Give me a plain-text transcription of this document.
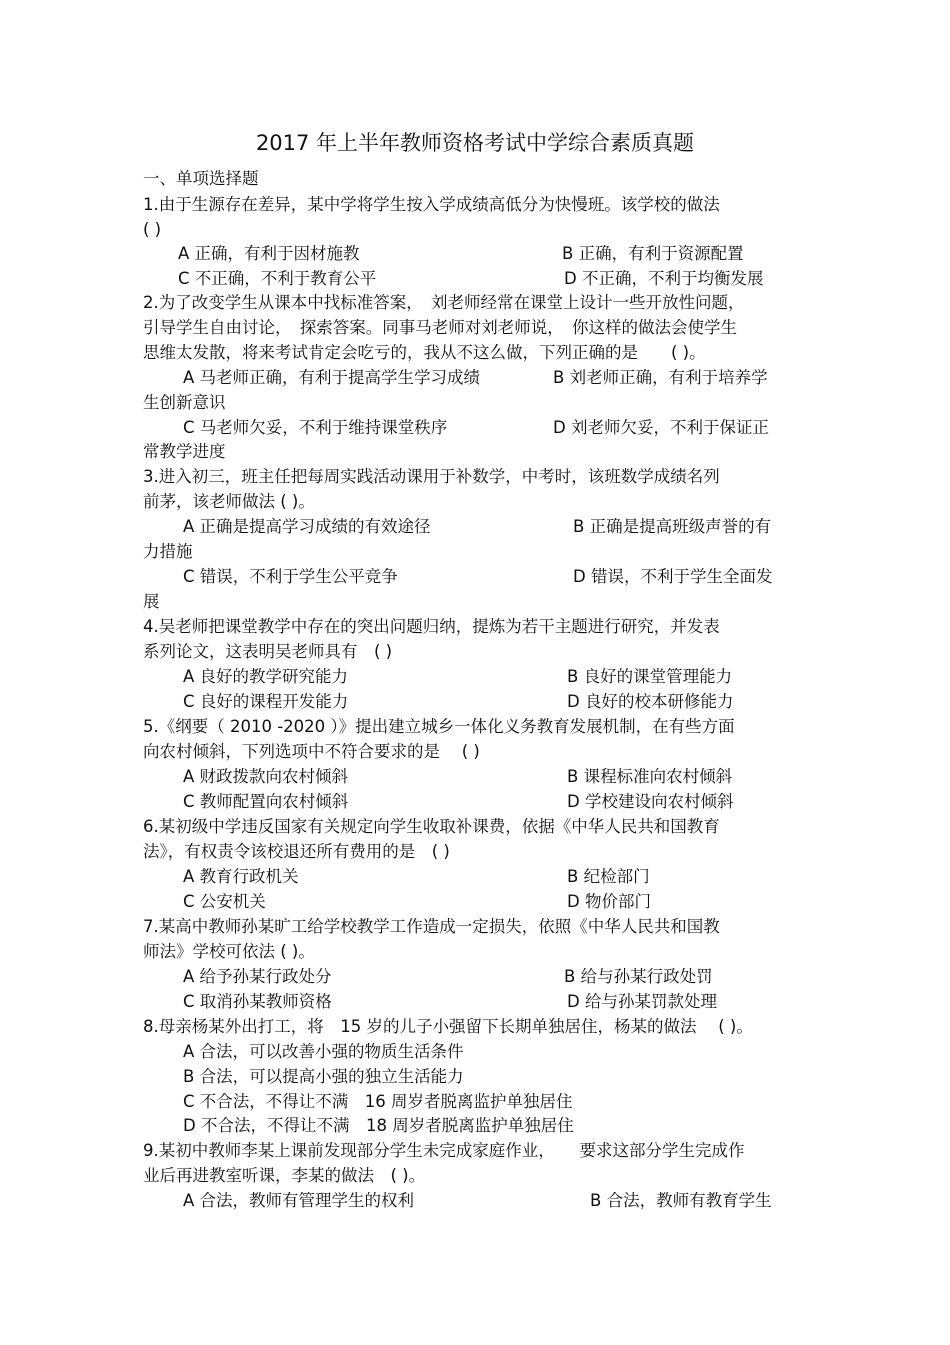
2017 年上半年教师资格考试中学综合素质真题
一、单项选择题
1.由于生源存在差异，某中学将学生按入学成绩高低分为快慢班。该学校的做法
( )
A 正确，有利于因材施教	B 正确，有利于资源配置
C 不正确，不利于教育公平	D 不正确，不利于均衡发展
2.为了改变学生从课本中找标准答案，　刘老师经常在课堂上设计一些开放性问题，
引导学生自由讨论，　探索答案。同事马老师对刘老师说，　你这样的做法会使学生
思维太发散，将来考试肯定会吃亏的，我从不这么做，下列正确的是　　( )。
A 马老师正确，有利于提高学生学习成绩	B 刘老师正确，有利于培养学
生创新意识
C 马老师欠妥，不利于维持课堂秩序	D 刘老师欠妥，不利于保证正
常教学进度
3.进入初三，班主任把每周实践活动课用于补数学，中考时，该班数学成绩名列
前茅，该老师做法 ( )。
A 正确是提高学习成绩的有效途径	B 正确是提高班级声誉的有
力措施
C 错误，不利于学生公平竞争	D 错误，不利于学生全面发
展
4.吴老师把课堂教学中存在的突出问题归纳，提炼为若干主题进行研究，并发表
系列论文，这表明吴老师具有　( )
A 良好的教学研究能力	B 良好的课堂管理能力
C 良好的课程开发能力	D 良好的校本研修能力
5.《纲要（ 2010 -2020 ）》提出建立城乡一体化义务教育发展机制，在有些方面
向农村倾斜，下列选项中不符合要求的是　 ( )
A 财政拨款向农村倾斜	B 课程标准向农村倾斜
C 教师配置向农村倾斜	D 学校建设向农村倾斜
6.某初级中学违反国家有关规定向学生收取补课费，依据《中华人民共和国教育
法》，有权责令该校退还所有费用的是　( )
A 教育行政机关	B 纪检部门
C 公安机关	D 物价部门
7.某高中教师孙某旷工给学校教学工作造成一定损失，依照《中华人民共和国教
师法》学校可依法 ( )。
A 给予孙某行政处分	B 给与孙某行政处罚
C 取消孙某教师资格	D 给与孙某罚款处理
8.母亲杨某外出打工，将　15 岁的儿子小强留下长期单独居住，杨某的做法　 ( )。
A 合法，可以改善小强的物质生活条件
B 合法，可以提高小强的独立生活能力
C 不合法，不得让不满　16 周岁者脱离监护单独居住
D 不合法，不得让不满　18 周岁者脱离监护单独居住
9.某初中教师李某上课前发现部分学生未完成家庭作业，　　要求这部分学生完成作
业后再进教室听课，李某的做法　( )。
A 合法，教师有管理学生的权利	B 合法，教师有教育学生
